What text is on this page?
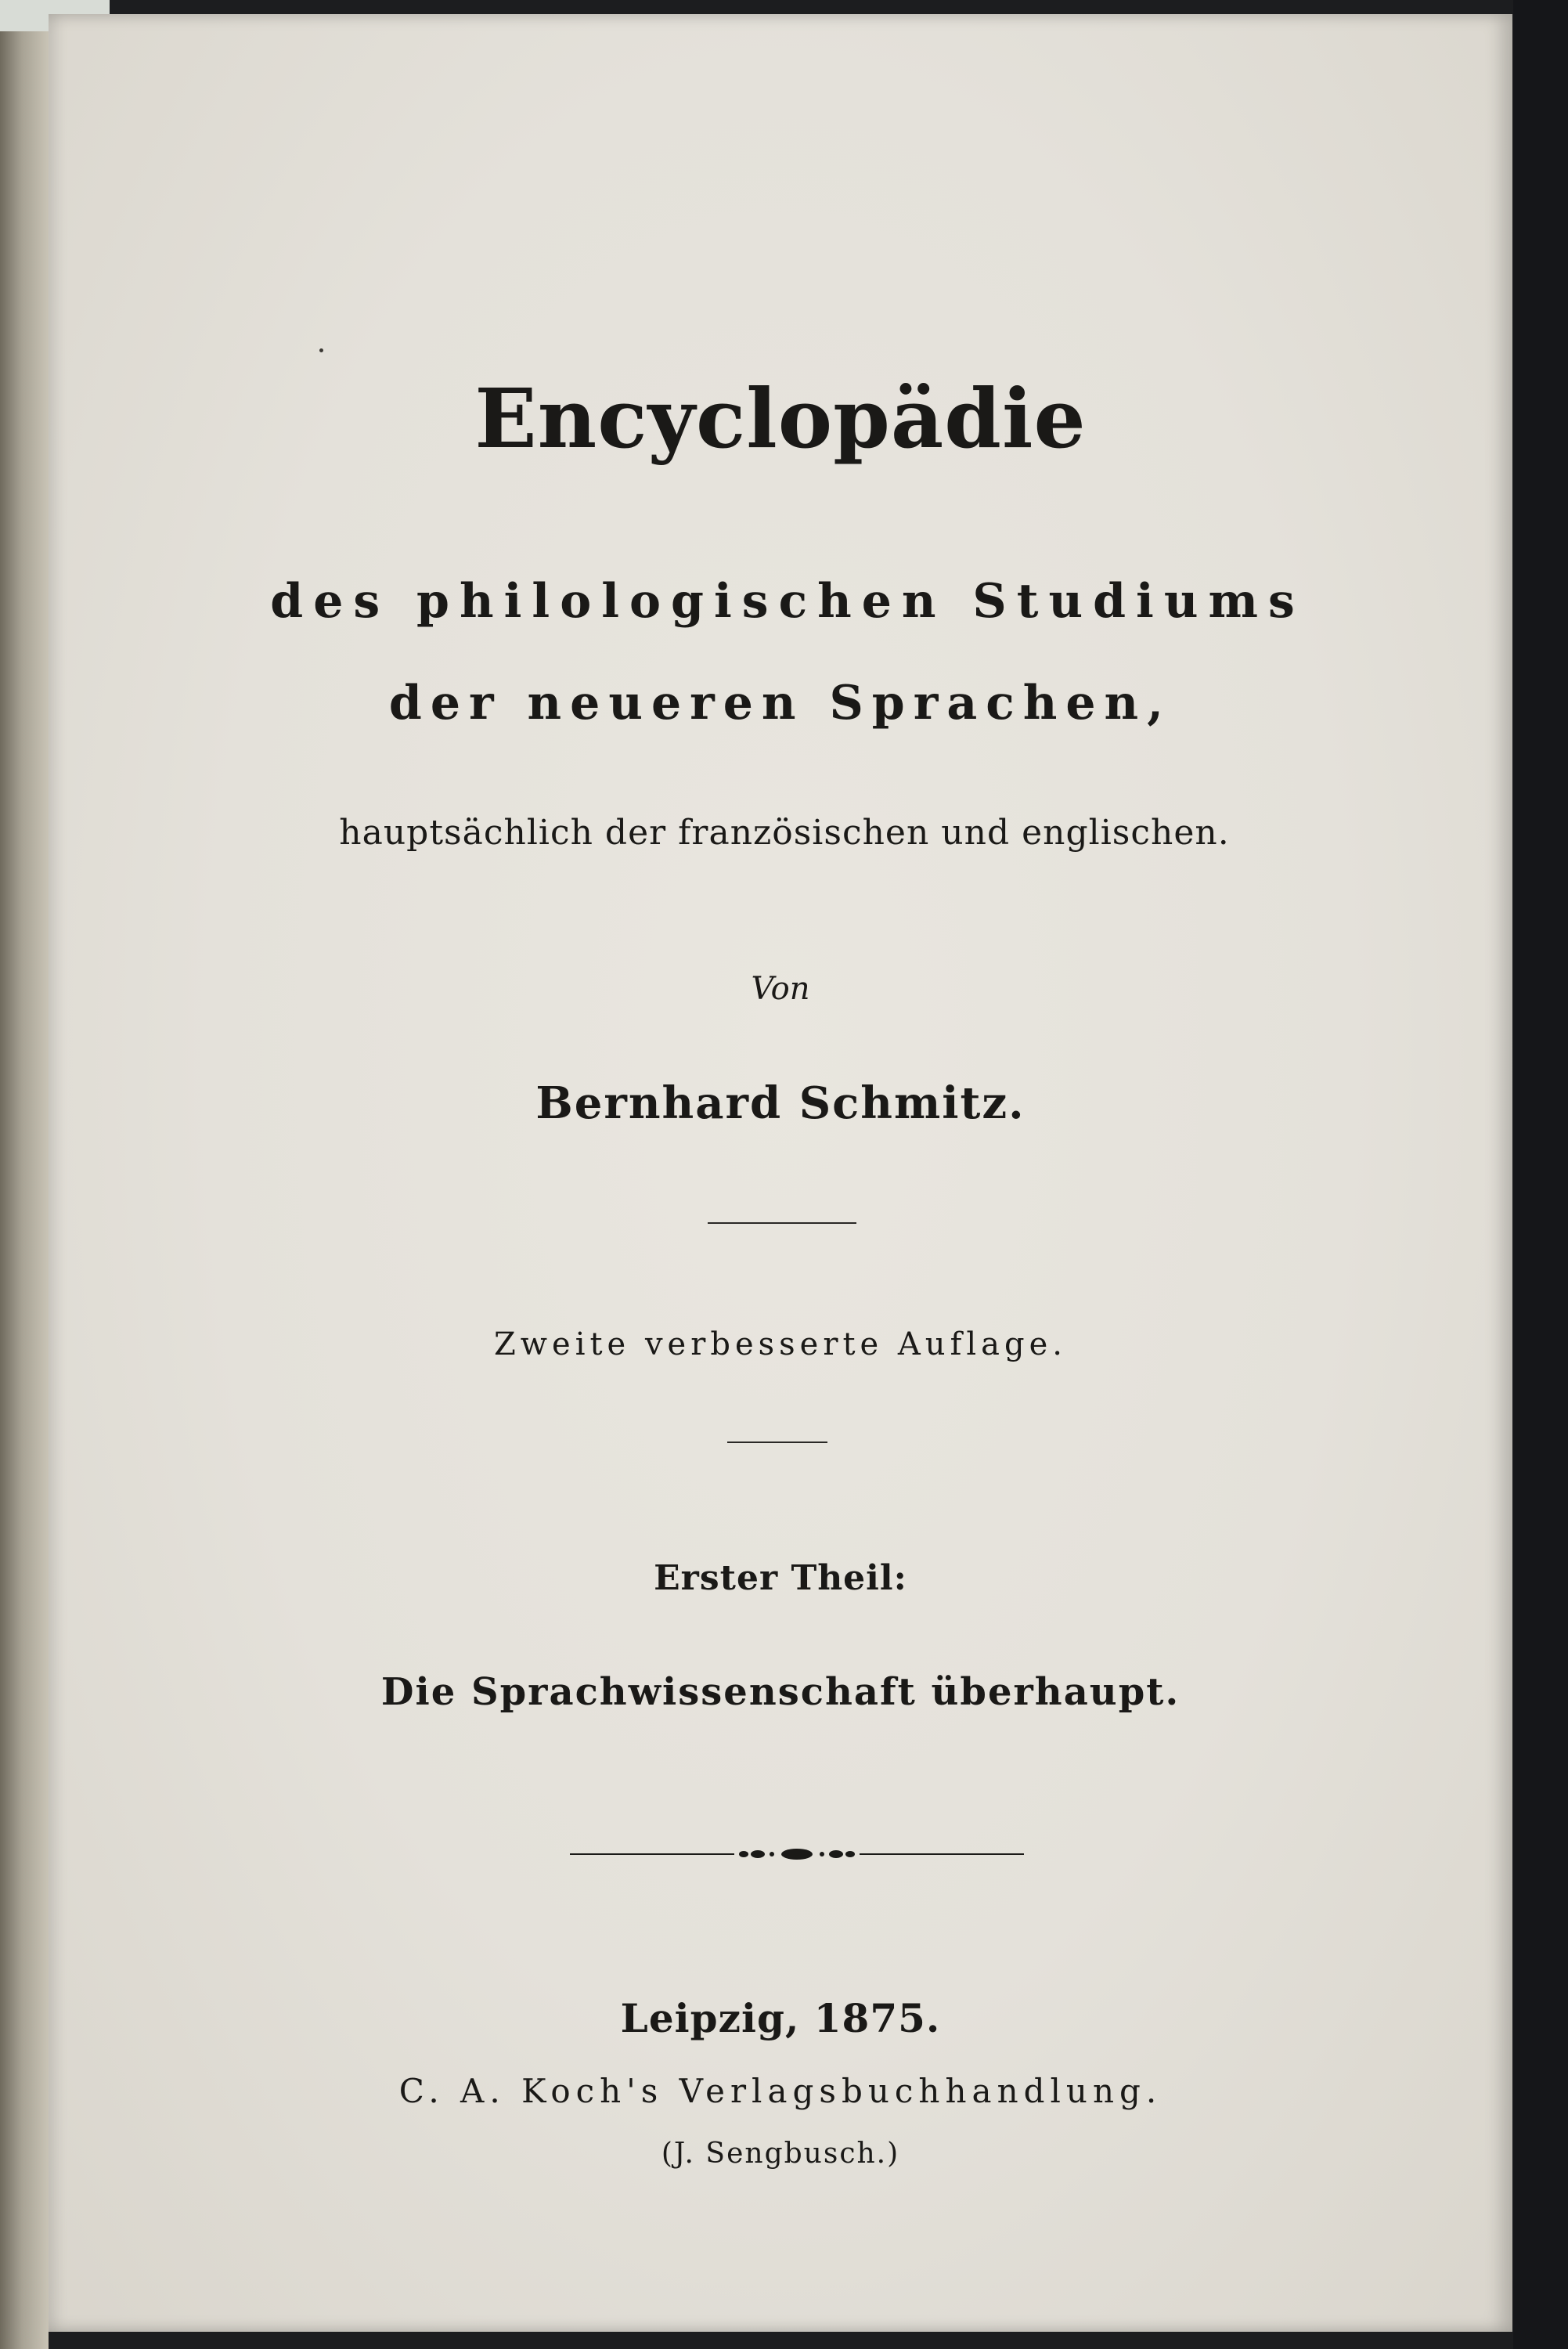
Encyclopädie
des philologischen Studiums
der neueren Sprachen,
hauptsächlich der französischen und englischen.
Von
Bernhard Schmitz.
Zweite verbesserte Auflage.
Erster Theil:
Die Sprachwissenschaft überhaupt.
Leipzig, 1875.
C. A. Koch's Verlagsbuchhandlung.
(J. Sengbusch.)
